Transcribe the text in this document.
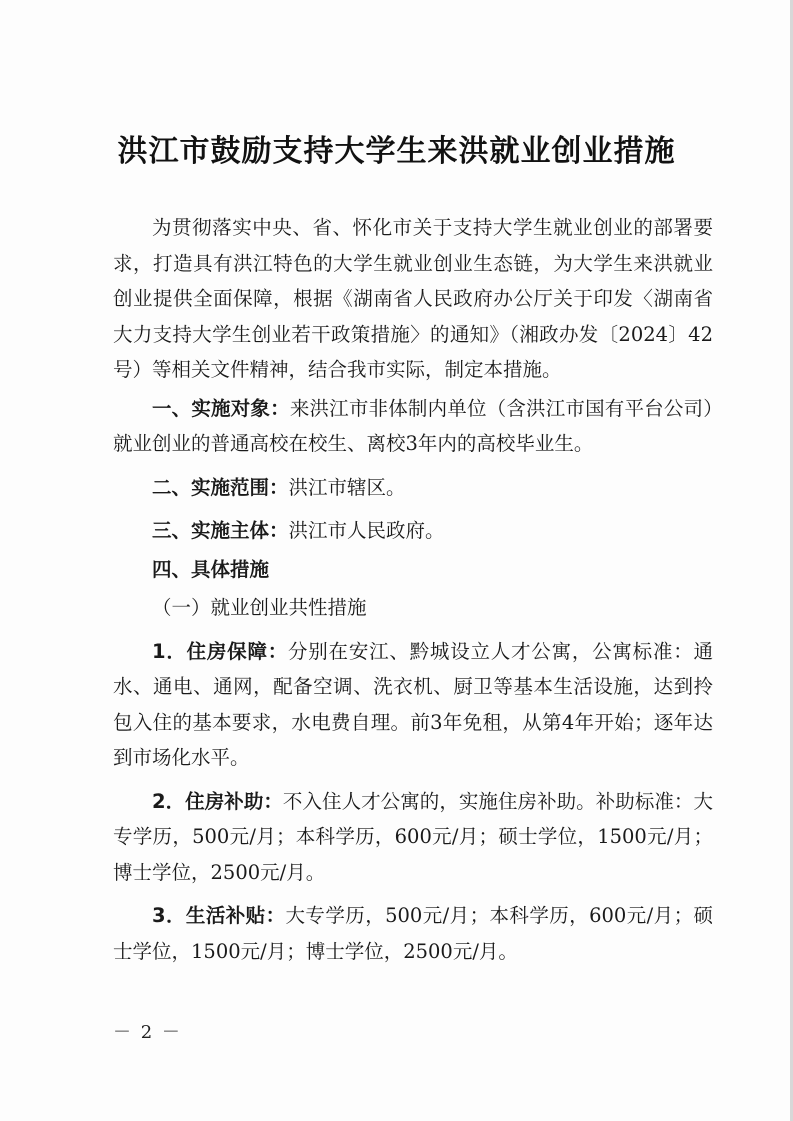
洪江市鼓励支持大学生来洪就业创业措施

为贯彻落实中央、省、怀化市关于支持大学生就业创业的部署要求，打造具有洪江特色的大学生就业创业生态链，为大学生来洪就业创业提供全面保障，根据《湖南省人民政府办公厅关于印发〈湖南省大力支持大学生创业若干政策措施〉的通知》（湘政办发〔2024〕42号）等相关文件精神，结合我市实际，制定本措施。

一、实施对象：来洪江市非体制内单位（含洪江市国有平台公司）就业创业的普通高校在校生、离校3年内的高校毕业生。

二、实施范围：洪江市辖区。

三、实施主体：洪江市人民政府。

四、具体措施

（一）就业创业共性措施

1．住房保障：分别在安江、黔城设立人才公寓，公寓标准：通水、通电、通网，配备空调、洗衣机、厨卫等基本生活设施，达到拎包入住的基本要求，水电费自理。前3年免租，从第4年开始；逐年达到市场化水平。

2．住房补助：不入住人才公寓的，实施住房补助。补助标准：大专学历，500元/月；本科学历，600元/月；硕士学位，1500元/月；博士学位，2500元/月。

3．生活补贴：大专学历，500元/月；本科学历，600元/月；硕士学位，1500元/月；博士学位，2500元/月。

－ 2 －
